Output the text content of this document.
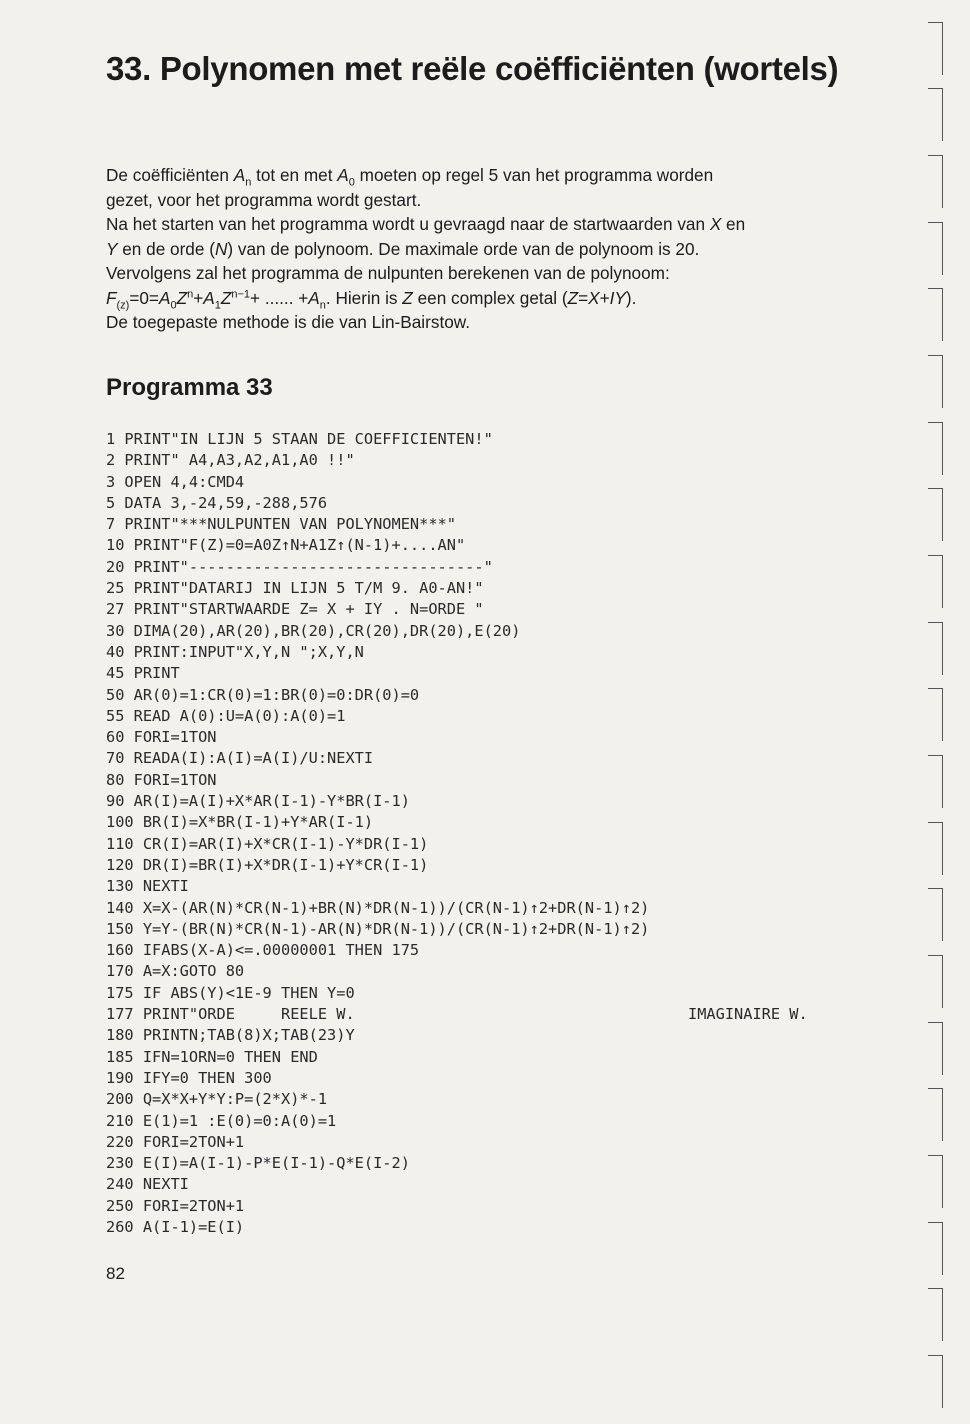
33. Polynomen met reële coëfficiënten (wortels)

De coëfficiënten $A_n$ tot en met $A_0$ moeten op regel 5 van het programma worden

gezet, voor het programma wordt gestart.

Na het starten van het programma wordt u gevraagd naar de startwaarden van X en

Y en de orde (N) van de polynoom. De maximale orde van de polynoom is 20.

Vervolgens zal het programma de nulpunten berekenen van de polynoom:

$F_{(z)}=0=A_0Z^n+A_1Z^{n-1}+$ ...... $+A_n$. Hierin is Z een complex getal (Z=X+IY).

De toegepaste methode is die van Lin-Bairstow.

Programma 33
1 PRINT"IN LIJN 5 STAAN DE COEFFICIENTEN!"
2 PRINT" A4,A3,A2,A1,A0 !!"
3 OPEN 4,4:CMD4
5 DATA 3,-24,59,-288,576
7 PRINT"***NULPUNTEN VAN POLYNOMEN***"
10 PRINT"F(Z)=0=A0Z↑N+A1Z↑(N-1)+....AN"
20 PRINT"--------------------------------"
25 PRINT"DATARIJ IN LIJN 5 T/M 9. A0-AN!"
27 PRINT"STARTWAARDE Z= X + IY . N=ORDE "
30 DIMA(20),AR(20),BR(20),CR(20),DR(20),E(20)
40 PRINT:INPUT"X,Y,N ";X,Y,N
45 PRINT
50 AR(0)=1:CR(0)=1:BR(0)=0:DR(0)=0
55 READ A(0):U=A(0):A(0)=1
60 FORI=1TON
70 READA(I):A(I)=A(I)/U:NEXTI
80 FORI=1TON
90 AR(I)=A(I)+X*AR(I-1)-Y*BR(I-1)
100 BR(I)=X*BR(I-1)+Y*AR(I-1)
110 CR(I)=AR(I)+X*CR(I-1)-Y*DR(I-1)
120 DR(I)=BR(I)+X*DR(I-1)+Y*CR(I-1)
130 NEXTI
140 X=X-(AR(N)*CR(N-1)+BR(N)*DR(N-1))/(CR(N-1)↑2+DR(N-1)↑2)
150 Y=Y-(BR(N)*CR(N-1)-AR(N)*DR(N-1))/(CR(N-1)↑2+DR(N-1)↑2)
160 IFABS(X-A)<=.00000001 THEN 175
170 A=X:GOTO 80
175 IF ABS(Y)<1E-9 THEN Y=0
177 PRINT"ORDE     REELE W.	IMAGINAIRE W.
180 PRINTN;TAB(8)X;TAB(23)Y
185 IFN=1ORN=0 THEN END
190 IFY=0 THEN 300
200 Q=X*X+Y*Y:P=(2*X)*-1
210 E(1)=1 :E(0)=0:A(0)=1
220 FORI=2TON+1
230 E(I)=A(I-1)-P*E(I-1)-Q*E(I-2)
240 NEXTI
250 FORI=2TON+1
260 A(I-1)=E(I)
82
